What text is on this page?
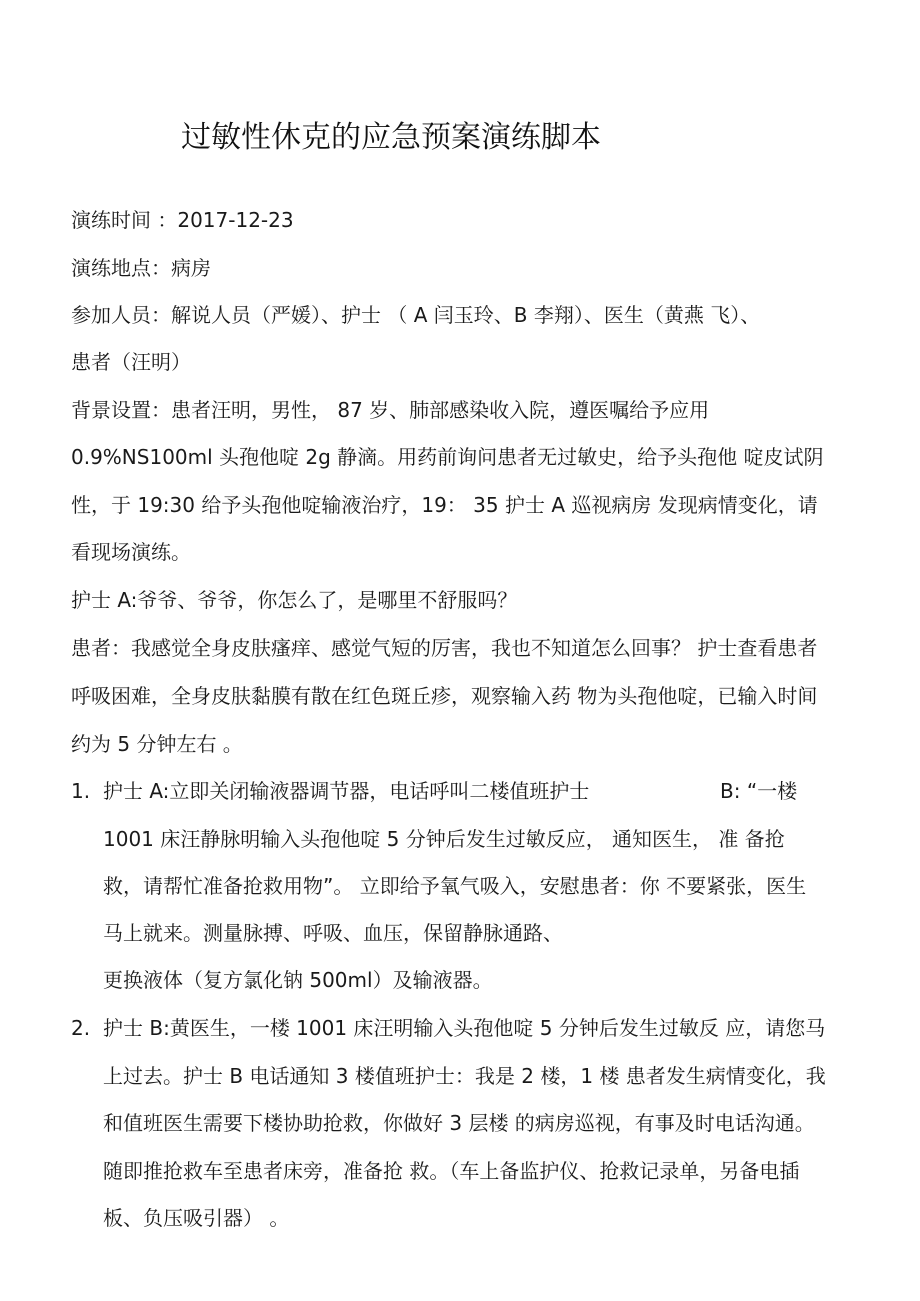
过敏性休克的应急预案演练脚本
演练时间 ：2017-12-23
演练地点：病房
参加人员：解说人员（严媛）、护士 （ A 闫玉玲、B 李翔）、医生（黄燕 飞）、
患者（汪明）
背景设置：患者汪明，男性， 87 岁、肺部感染收入院，遵医嘱给予应用
0.9%NS100ml 头孢他啶 2g 静滴。用药前询问患者无过敏史，给予头孢他 啶皮试阴
性，于 19:30 给予头孢他啶输液治疗，19： 35 护士 A 巡视病房 发现病情变化，请
看现场演练。
护士 A:爷爷、爷爷，你怎么了，是哪里不舒服吗？
患者：我感觉全身皮肤瘙痒、感觉气短的厉害，我也不知道怎么回事？ 护士查看患者
呼吸困难，全身皮肤黏膜有散在红色斑丘疹，观察输入药 物为头孢他啶，已输入时间
约为 5 分钟左右 。
1. 护士 A:立即关闭输液器调节器，电话呼叫二楼值班护士	B: “一楼
1001 床汪静脉明输入头孢他啶 5 分钟后发生过敏反应， 通知医生， 准 备抢
救，请帮忙准备抢救用物”。 立即给予氧气吸入，安慰患者：你 不要紧张，医生
马上就来。测量脉搏、呼吸、血压，保留静脉通路、
更换液体（复方氯化钠 500ml）及输液器。
2. 护士 B:黄医生，一楼 1001 床汪明输入头孢他啶 5 分钟后发生过敏反 应，请您马
上过去。护士 B 电话通知 3 楼值班护士：我是 2 楼，1 楼 患者发生病情变化，我
和值班医生需要下楼协助抢救，你做好 3 层楼 的病房巡视，有事及时电话沟通。
随即推抢救车至患者床旁，准备抢 救。（车上备监护仪、抢救记录单，另备电插
板、负压吸引器） 。
